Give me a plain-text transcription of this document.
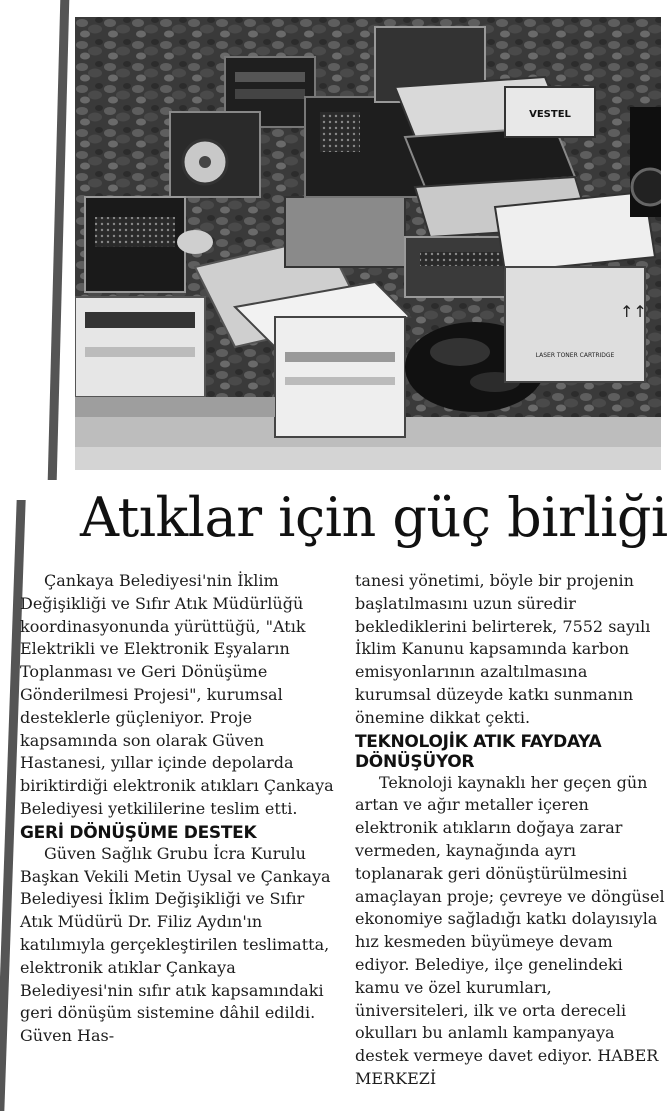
VESTEL
LASER TONER CARTRIDGE
↑↑
Atıklar için güç birliği

Çankaya Belediyesi'nin İklim Değişikliği ve Sıfır Atık Müdürlüğü koordinasyonunda yürüttüğü, "Atık Elektrikli ve Elektronik Eşyaların Toplanması ve Geri Dönüşüme Gönderilmesi Projesi", kurumsal desteklerle güçleniyor. Proje kapsamında son olarak Güven Hastanesi, yıllar içinde depolarda biriktirdiği elektronik atıkları Çankaya Belediyesi yetkililerine teslim etti.

GERİ DÖNÜŞÜME DESTEK

Güven Sağlık Grubu İcra Kurulu Başkan Vekili Metin Uysal ve Çankaya Belediyesi İklim Değişikliği ve Sıfır Atık Müdürü Dr. Filiz Aydın'ın katılımıyla gerçekleştirilen teslimatta, elektronik atıklar Çankaya Belediyesi'nin sıfır atık kapsamındaki geri dönüşüm sistemine dâhil edildi. Güven Has-

tanesi yönetimi, böyle bir projenin başlatılmasını uzun süredir beklediklerini belirterek, 7552 sayılı İklim Kanunu kapsamında karbon emisyonlarının azaltılmasına kurumsal düzeyde katkı sunmanın önemine dikkat çekti.

TEKNOLOJİK ATIK FAYDAYA DÖNÜŞÜYOR

Teknoloji kaynaklı her geçen gün artan ve ağır metaller içeren elektronik atıkların doğaya zarar vermeden, kaynağında ayrı toplanarak geri dönüştürülmesini amaçlayan proje; çevreye ve döngüsel ekonomiye sağladığı katkı dolayısıyla hız kesmeden büyümeye devam ediyor. Belediye, ilçe genelindeki kamu ve özel kurumları, üniversiteleri, ilk ve orta dereceli okulları bu anlamlı kampanyaya destek vermeye davet ediyor. HABER MERKEZİ
